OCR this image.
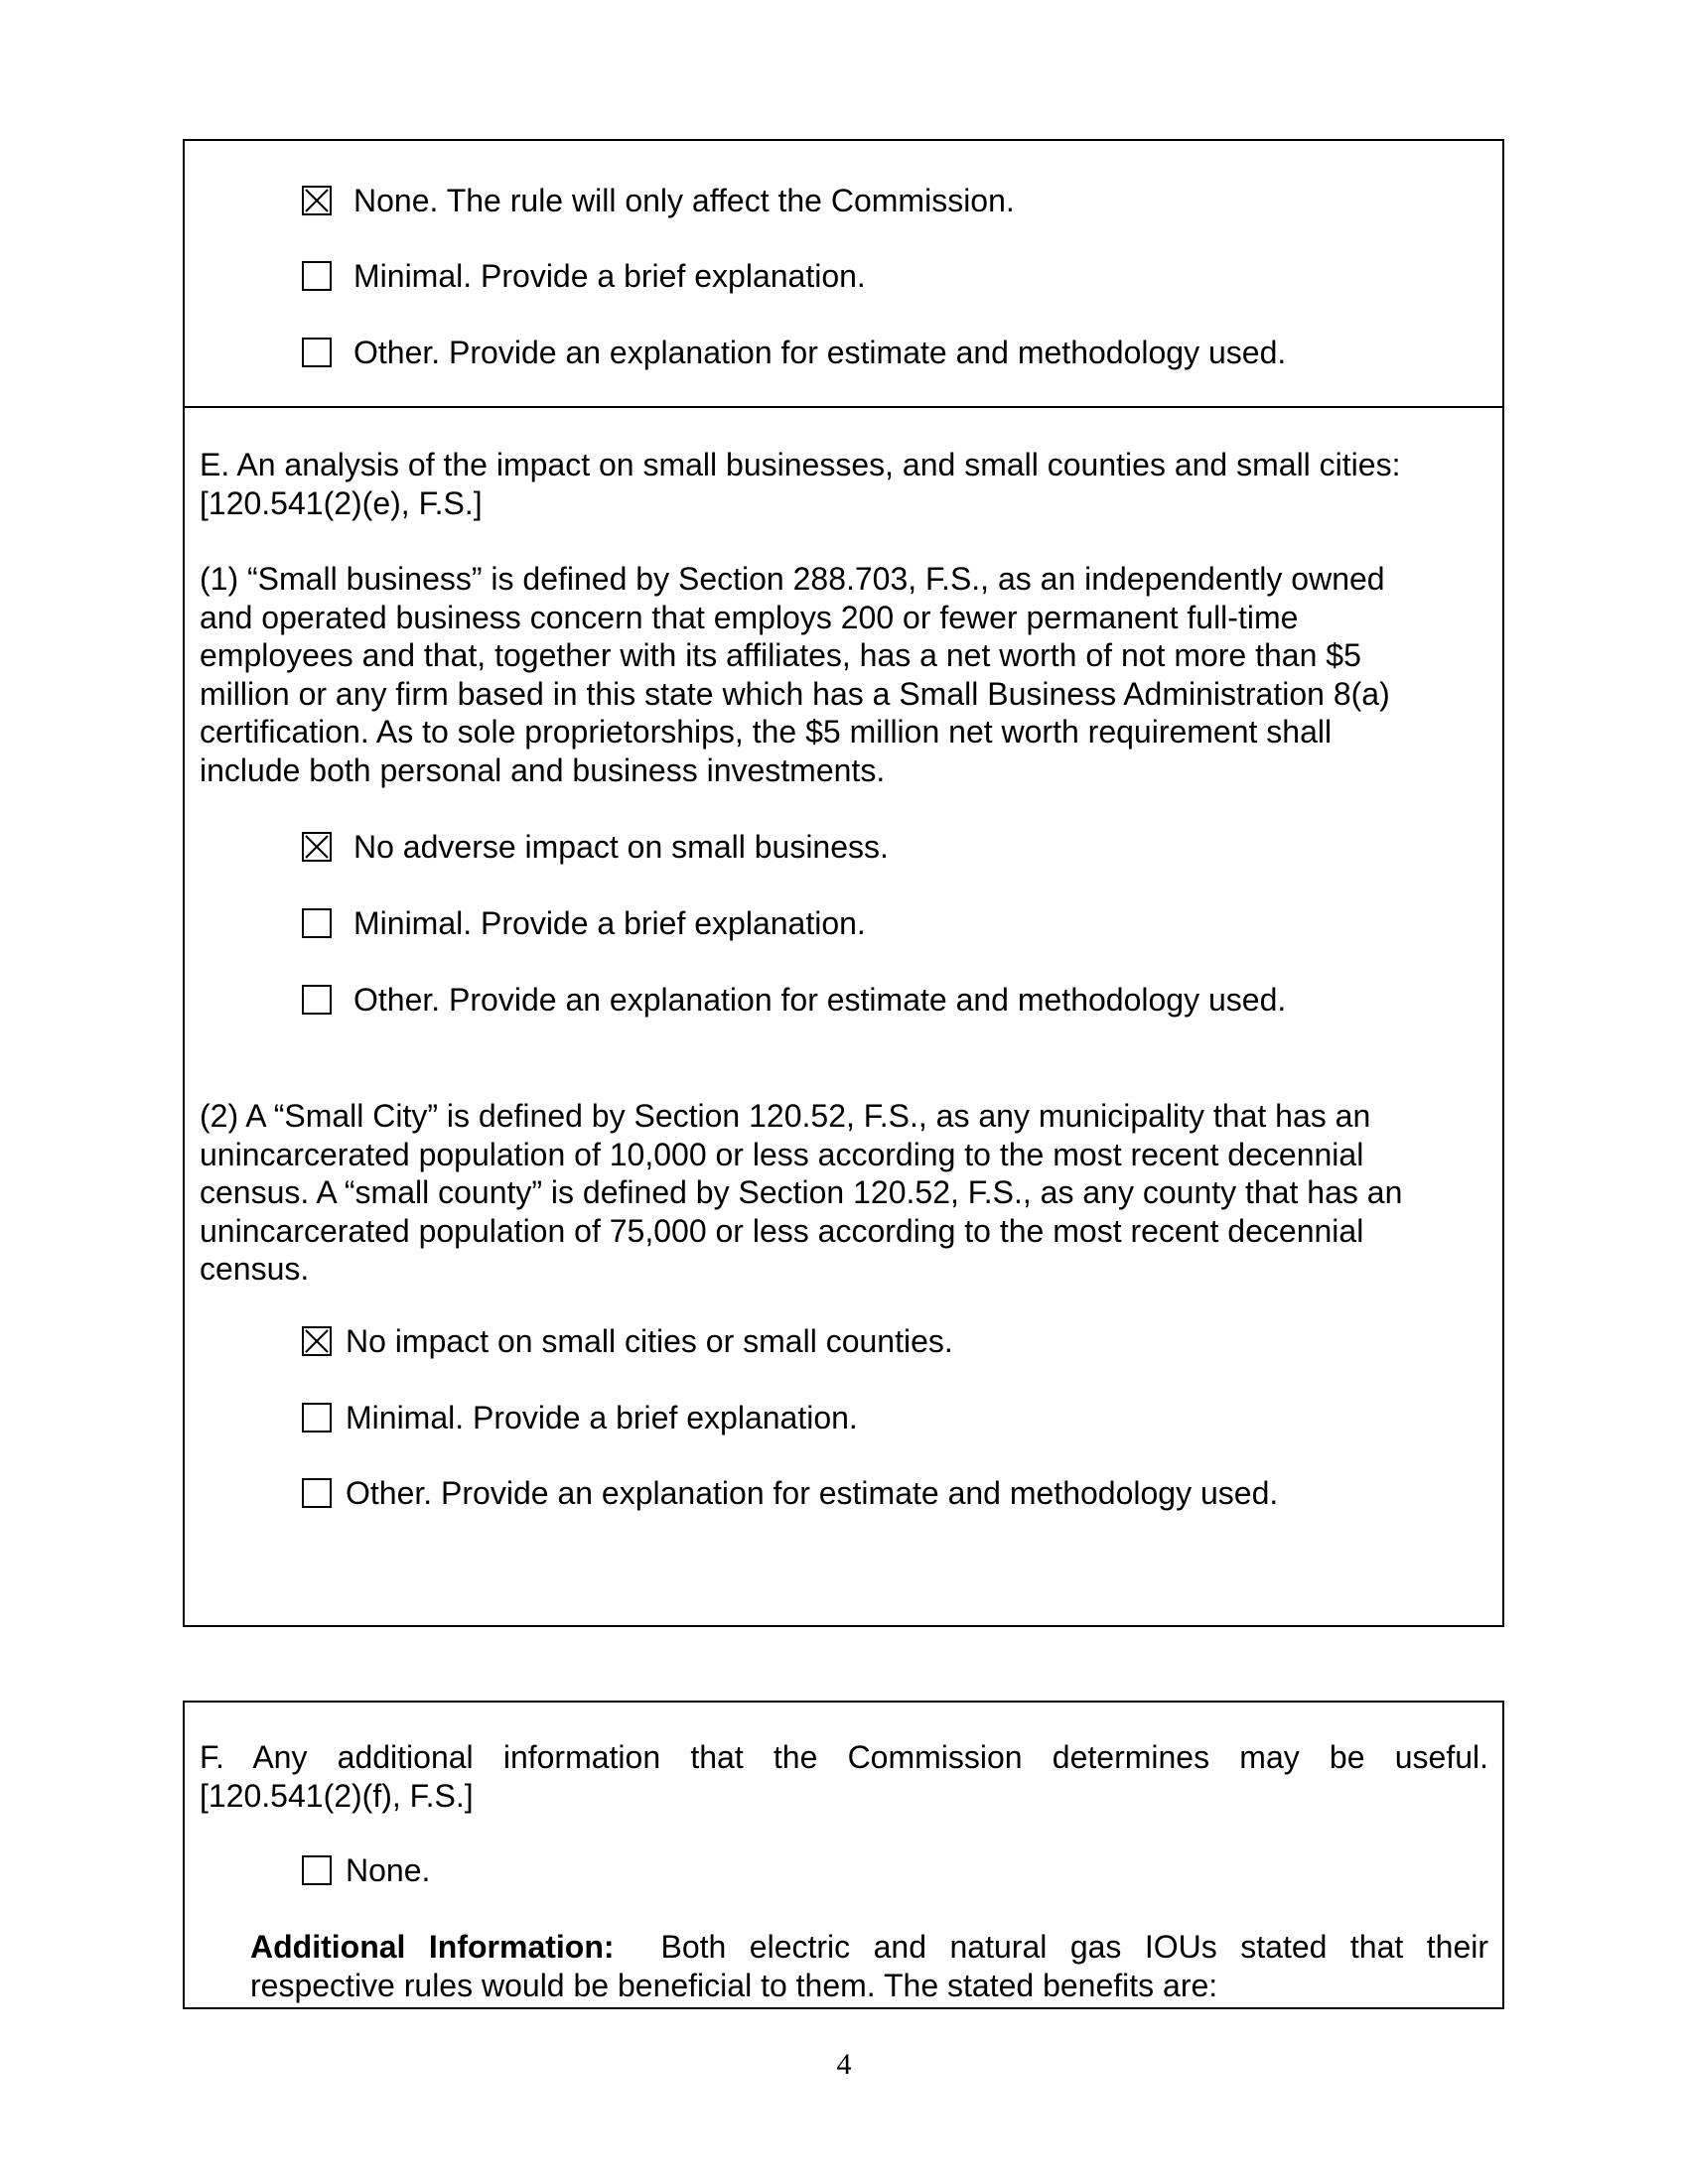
None. The rule will only affect the Commission.
Minimal. Provide a brief explanation.
Other. Provide an explanation for estimate and methodology used.
E. An analysis of the impact on small businesses, and small counties and small cities:
[120.541(2)(e), F.S.]
(1) “Small business” is defined by Section 288.703, F.S., as an independently owned
and operated business concern that employs 200 or fewer permanent full-time
employees and that, together with its affiliates, has a net worth of not more than $5
million or any firm based in this state which has a Small Business Administration 8(a)
certification. As to sole proprietorships, the $5 million net worth requirement shall
include both personal and business investments.
No adverse impact on small business.
Minimal. Provide a brief explanation.
Other. Provide an explanation for estimate and methodology used.
(2) A “Small City” is defined by Section 120.52, F.S., as any municipality that has an
unincarcerated population of 10,000 or less according to the most recent decennial
census. A “small county” is defined by Section 120.52, F.S., as any county that has an
unincarcerated population of 75,000 or less according to the most recent decennial
census.
No impact on small cities or small counties.
Minimal. Provide a brief explanation.
Other. Provide an explanation for estimate and methodology used.
F. Any additional information that the Commission determines may be useful.
[120.541(2)(f), F.S.]
None.
Additional Information: Both electric and natural gas IOUs stated that their
respective rules would be beneficial to them. The stated benefits are:
4
